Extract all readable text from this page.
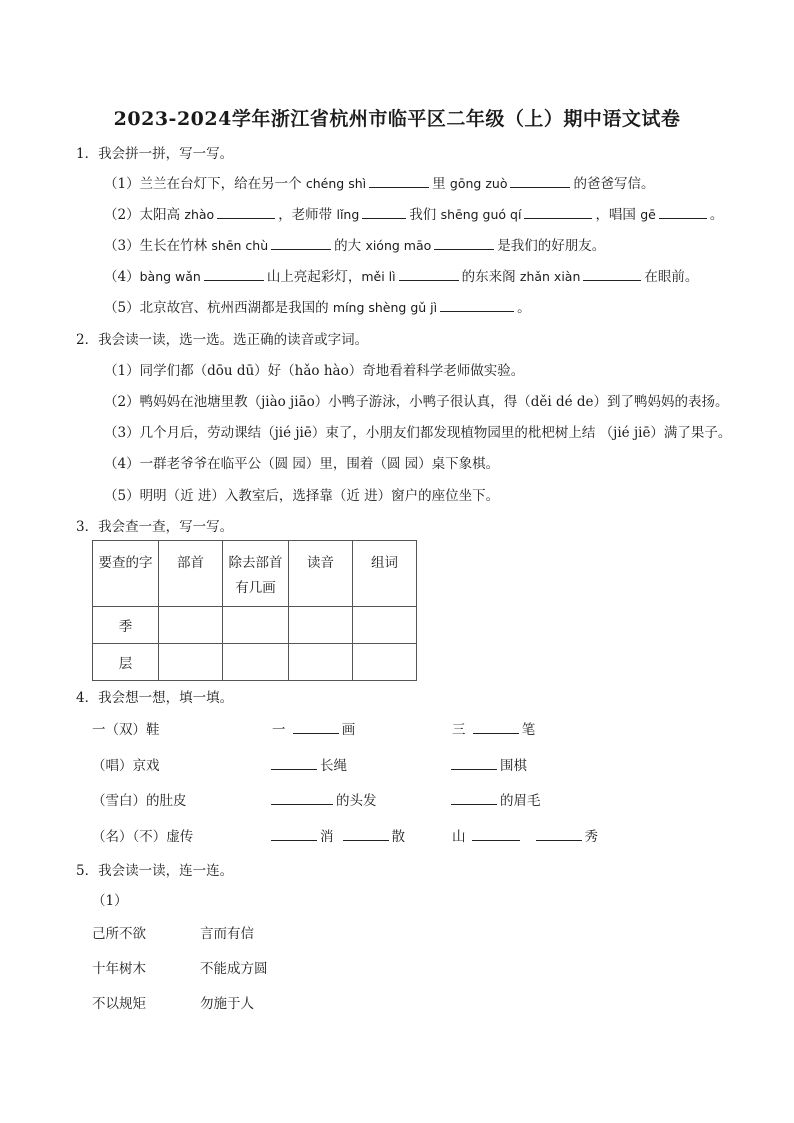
2023-2024学年浙江省杭州市临平区二年级（上）期中语文试卷
1．我会拼一拼，写一写。
（1）兰兰在台灯下，给在另一个 chéng shì	里 gōng zuò	的爸爸写信。
（2）太阳高 zhào	，老师带 lǐng	我们 shēng guó qí	，唱国 gē	。
（3）生长在竹林 shēn chù	的大 xióng māo	是我们的好朋友。
（4）bàng wǎn	山上亮起彩灯，měi lì	的东来阁 zhǎn xiàn	在眼前。
（5）北京故宫、杭州西湖都是我国的 míng shèng gǔ jì	。
2．我会读一读，选一选。选正确的读音或字词。
（1）同学们都（dōu dū）好（hǎo hào）奇地看着科学老师做实验。
（2）鸭妈妈在池塘里教（jiào jiāo）小鸭子游泳，小鸭子很认真，得（děi dé de）到了鸭妈妈的表扬。
（3）几个月后，劳动课结（jié jiē）束了，小朋友们都发现植物园里的枇杷树上结 （jié jiē）满了果子。
（4）一群老爷爷在临平公（圆 园）里，围着（圆 园）桌下象棋。
（5）明明（近 进）入教室后，选择靠（近 进）窗户的座位坐下。
3．我会查一查，写一写。
要查的字	部首	除去部首有几画	读音	组词
季				
层				
4．我会想一想，填一填。
一（双）鞋	一	画	三	笔
（唱）京戏	长绳	围棋
（雪白）的肚皮	的头发	的眉毛
（名）（不）虚传	消	散	山	秀
5．我会读一读，连一连。
（1）
己所不欲	言而有信
十年树木	不能成方圆
不以规矩	勿施于人
